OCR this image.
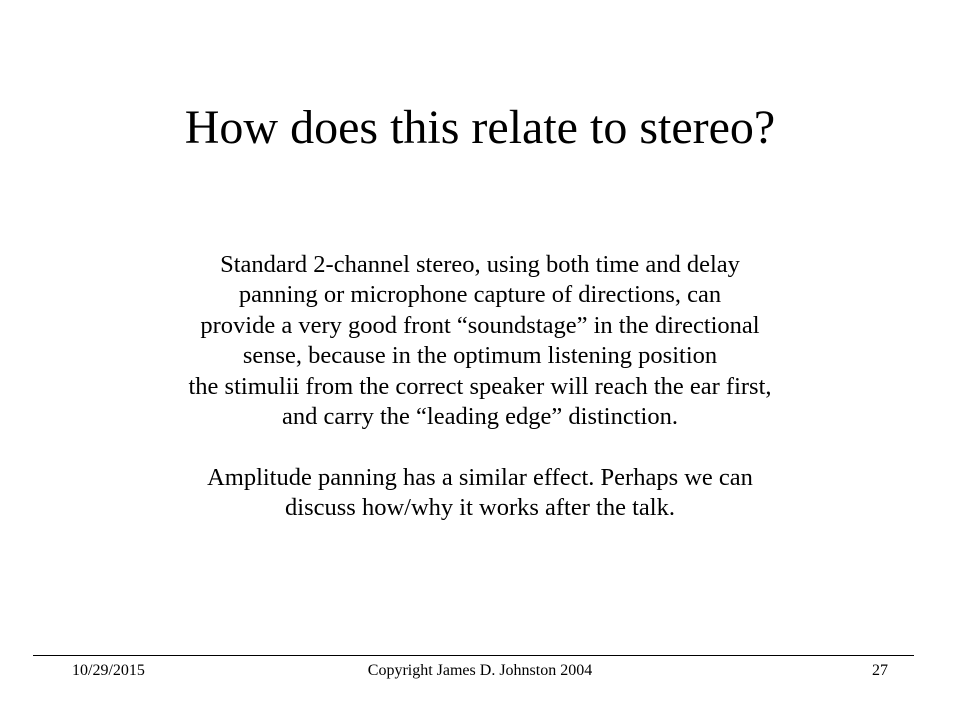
How does this relate to stereo?
Standard 2-channel stereo, using both time and delay
panning or microphone capture of directions, can
provide a very good front “soundstage” in the directional
sense, because in the optimum listening position
the stimulii from the correct speaker will reach the ear first,
and carry the “leading edge” distinction.
Amplitude panning has a similar effect. Perhaps we can
discuss how/why it works after the talk.
Copyright James D. Johnston 2004
10/29/2015	27
